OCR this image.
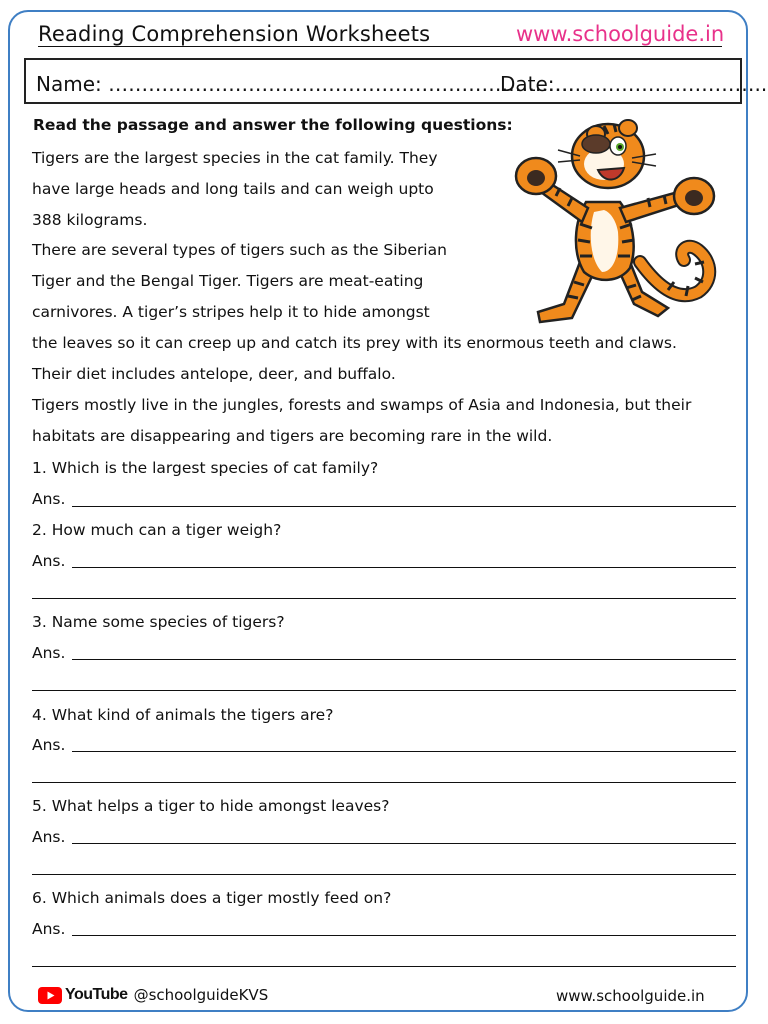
Reading Comprehension Worksheets	www.schoolguide.in
Name: …………………………………………………………….
Date:…………………………..
Read the passage and answer the following questions:
Tigers are the largest species in the cat family. They
have large heads and long tails and can weigh upto
388 kilograms.
There are several types of tigers such as the Siberian
Tiger and the Bengal Tiger. Tigers are meat-eating
carnivores. A tiger’s stripes help it to hide amongst
the leaves so it can creep up and catch its prey with its enormous teeth and claws.
Their diet includes antelope, deer, and buffalo.
Tigers mostly live in the jungles, forests and swamps of Asia and Indonesia, but their
habitats are disappearing and tigers are becoming rare in the wild.
1. Which is the largest species of cat family?
Ans.
2. How much can a tiger weigh?
Ans.
3. Name some species of tigers?
Ans.
4. What kind of animals the tigers are?
Ans.
5. What helps a tiger to hide amongst leaves?
Ans.
6. Which animals does a tiger mostly feed on?
Ans.
YouTube @schoolguideKVS	www.schoolguide.in
